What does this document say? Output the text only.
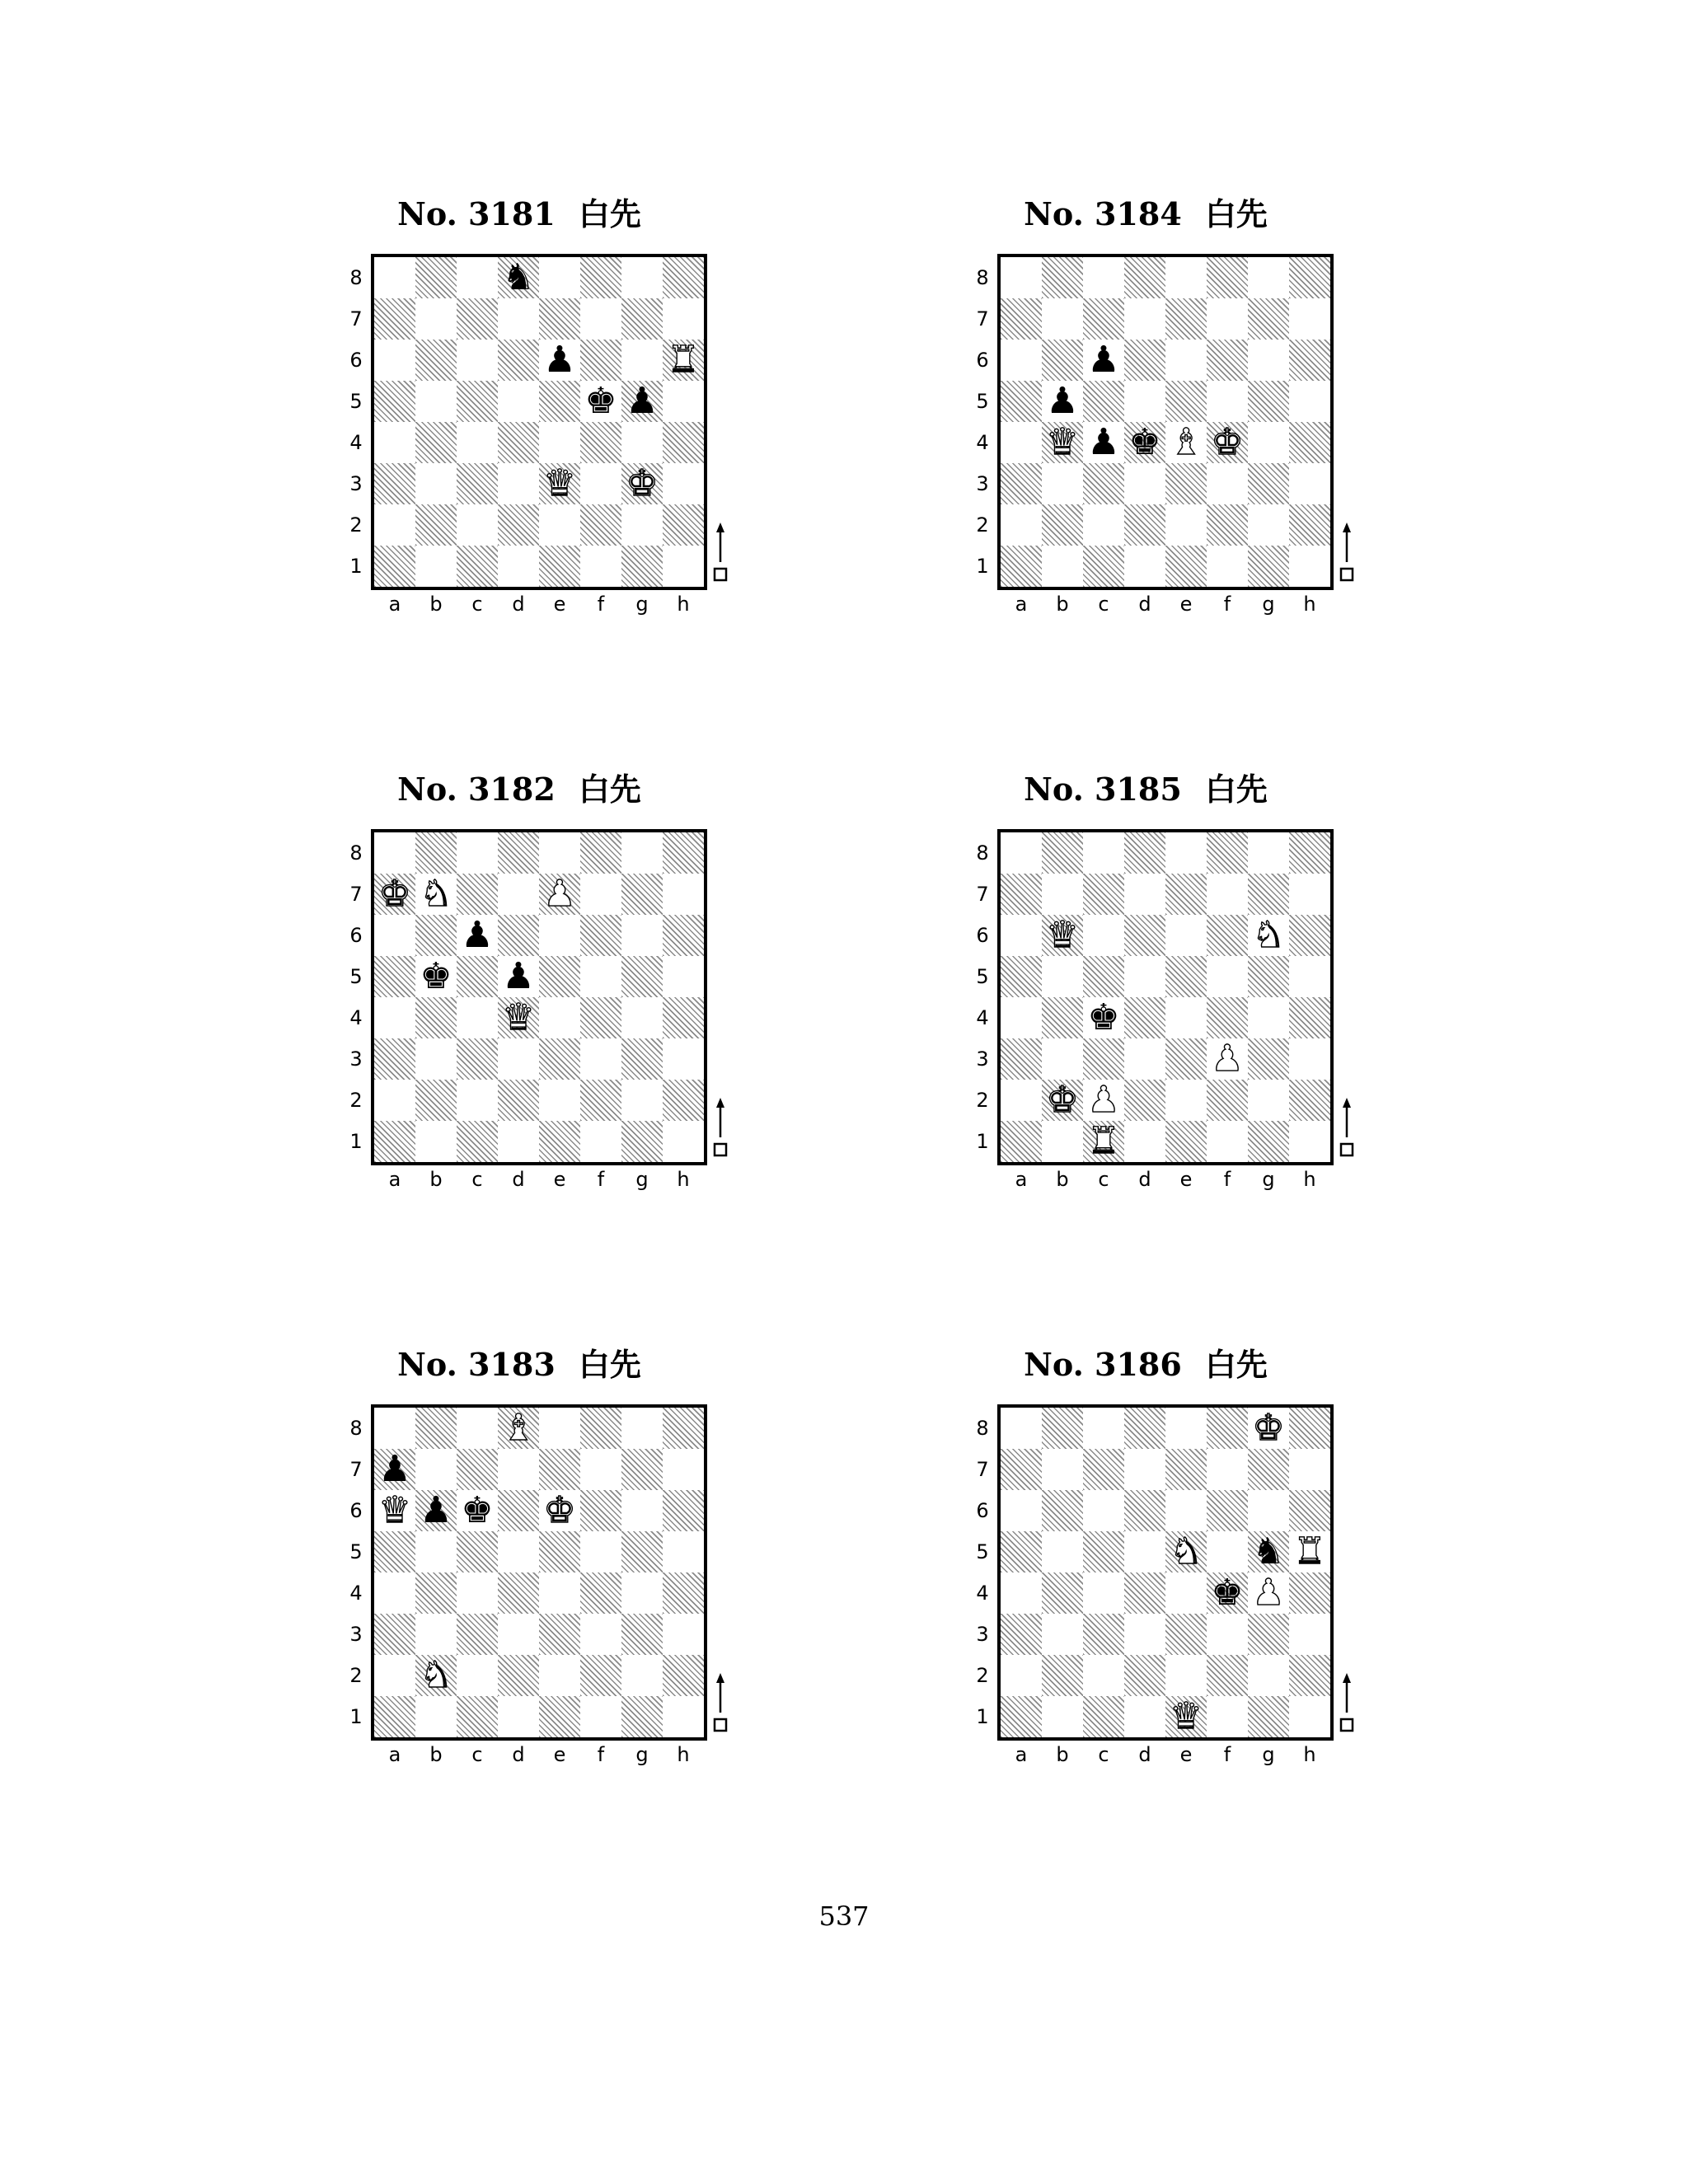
No. 3181 白先
♞
♟	♜
♚ ♟
♛ ♚
8
7
6
5
4
3
2
1
a	b	c	d	e	f	g	h
No. 3184 白先
♟
♟
♛ ♟ ♚ ♝ ♚
8
7
6
5
4
3
2
1
a	b	c	d	e	f	g	h
No. 3182 白先
♚ ♞	♟
♟
♚ ♟
♛
8
7
6
5
4
3
2
1
a	b	c	d	e	f	g	h
No. 3185 白先
♛	♞
♚
♟
♚ ♟
♜
8
7
6
5
4
3
2
1
a	b	c	d	e	f	g	h
No. 3183 白先
♝
♟
♛ ♟ ♚ ♚
♞
8
7
6
5
4
3
2
1
a	b	c	d	e	f	g	h
No. 3186 白先
♚
♞ ♞ ♜
♚ ♟
♛
8
7
6
5
4
3
2
1
a	b	c	d	e	f	g	h
537
